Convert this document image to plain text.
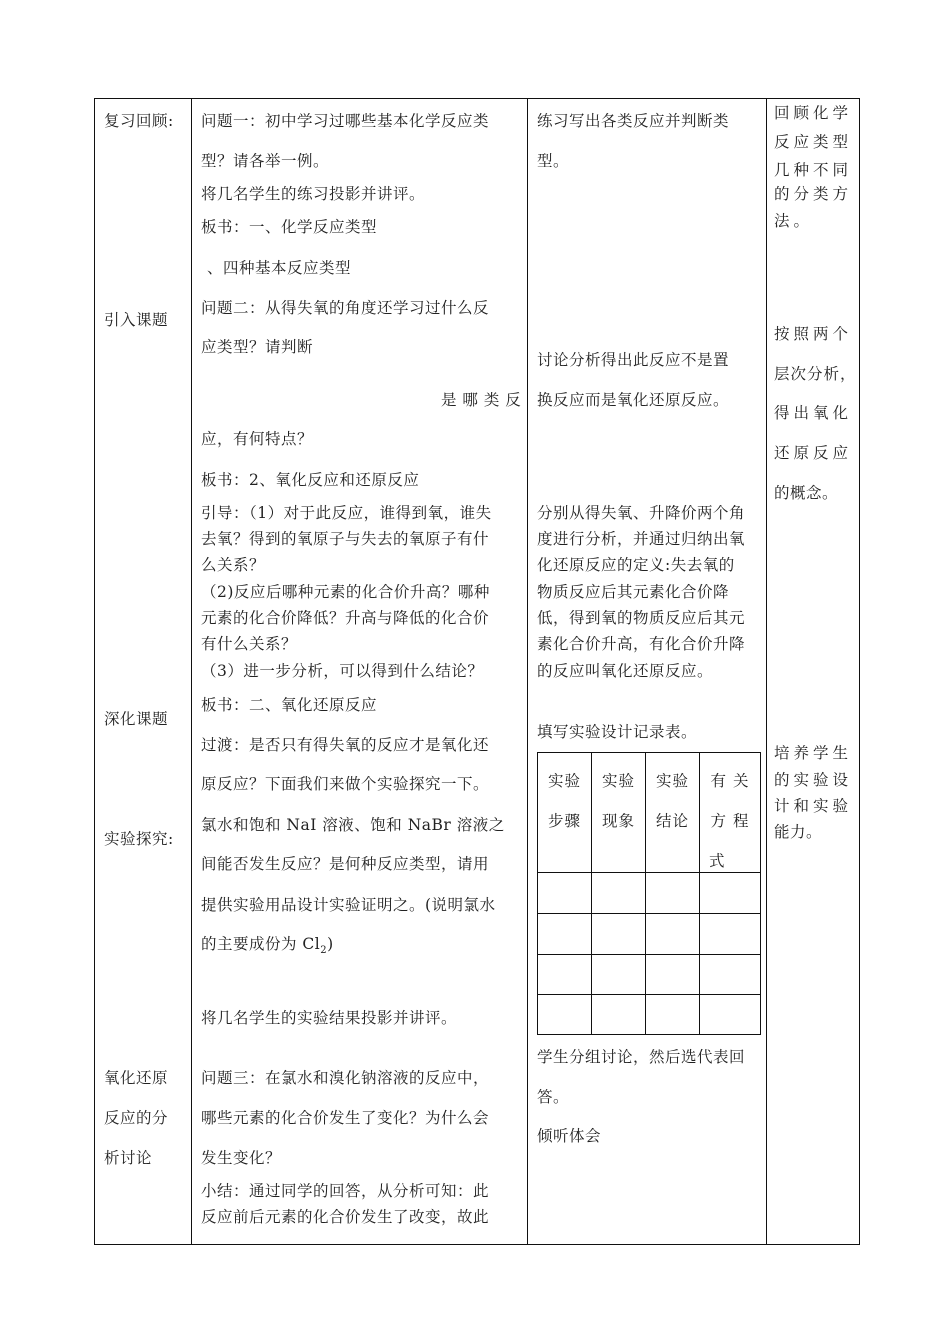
复习回顾:
引入课题
深化课题
实验探究:
氧化还原
反应的分
析讨论
问题一：初中学习过哪些基本化学反应类
型？请各举一例。
将几名学生的练习投影并讲评。
板书：一、化学反应类型
、四种基本反应类型
问题二：从得失氧的角度还学习过什么反
应类型？请判断
是 哪 类 反
应，有何特点？
板书：2、氧化反应和还原反应
引导：（1）对于此反应，谁得到氧，谁失
去氧？得到的氧原子与失去的氧原子有什
么关系？
（2)反应后哪种元素的化合价升高？哪种
元素的化合价降低？升高与降低的化合价
有什么关系？
（3）进一步分析，可以得到什么结论？
板书：二、氧化还原反应
过渡：是否只有得失氧的反应才是氧化还
原反应？下面我们来做个实验探究一下。
氯水和饱和 NaI 溶液、饱和 NaBr 溶液之
间能否发生反应？是何种反应类型，请用
提供实验用品设计实验证明之。(说明氯水
的主要成份为 $Cl_2$)
将几名学生的实验结果投影并讲评。
问题三：在氯水和溴化钠溶液的反应中，
哪些元素的化合价发生了变化？为什么会
发生变化？
小结：通过同学的回答，从分析可知：此
反应前后元素的化合价发生了改变，故此
练习写出各类反应并判断类
型。
讨论分析得出此反应不是置
换反应而是氧化还原反应。
分别从得失氧、升降价两个角
度进行分析，并通过归纳出氧
化还原反应的定义:失去氧的
物质反应后其元素化合价降
低，得到氧的物质反应后其元
素化合价升高，有化合价升降
的反应叫氧化还原反应。
填写实验设计记录表。
实验
步骤
实验
现象
实验
结论
有 关
方 程
式
学生分组讨论，然后选代表回
答。
倾听体会
回顾化学
反应类型
几种不同
的分类方
法。
按照两个
层次分析，
得出氧化
还原反应
的概念。
培养学生
的实验设
计和实验
能力。
